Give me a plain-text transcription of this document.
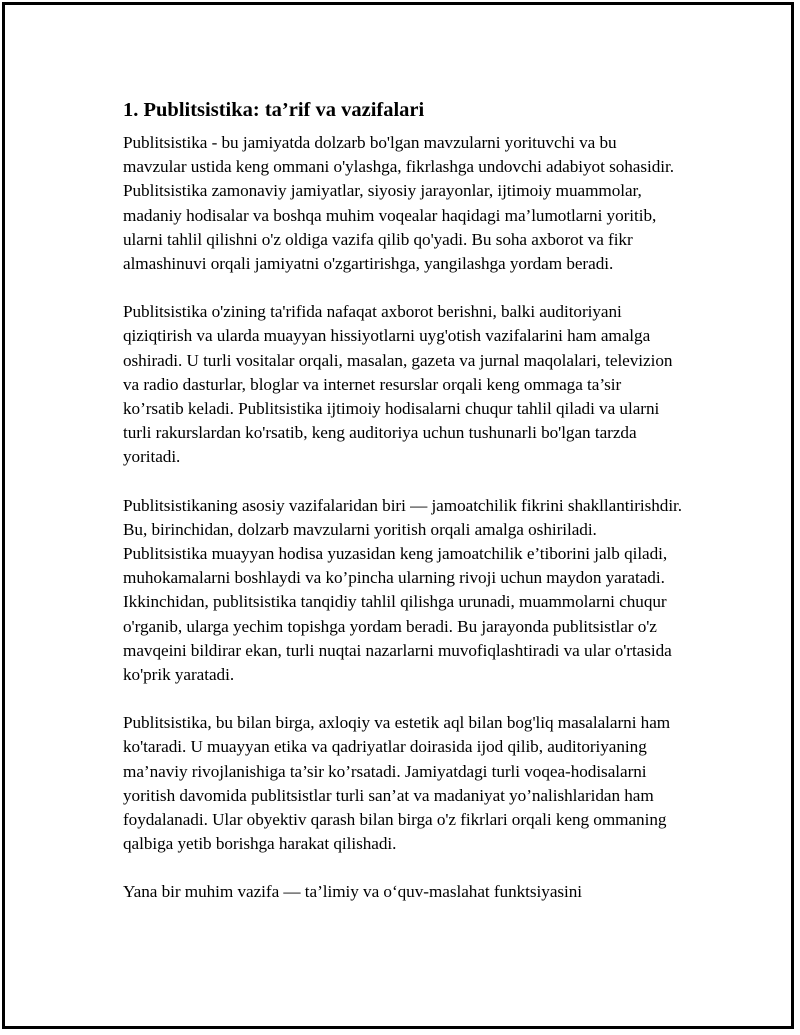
1. Publitsistika: ta’rif va vazifalari

Publitsistika - bu jamiyatda dolzarb bo'lgan mavzularni yorituvchi va bu mavzular ustida keng ommani o'ylashga, fikrlashga undovchi adabiyot sohasidir. Publitsistika zamonaviy jamiyatlar, siyosiy jarayonlar, ijtimoiy muammolar, madaniy hodisalar va boshqa muhim voqealar haqidagi ma’lumotlarni yoritib, ularni tahlil qilishni o'z oldiga vazifa qilib qo'yadi. Bu soha axborot va fikr almashinuvi orqali jamiyatni o'zgartirishga, yangilashga yordam beradi.

Publitsistika o'zining ta'rifida nafaqat axborot berishni, balki auditoriyani qiziqtirish va ularda muayyan hissiyotlarni uyg'otish vazifalarini ham amalga oshiradi. U turli vositalar orqali, masalan, gazeta va jurnal maqolalari, televizion va radio dasturlar, bloglar va internet resurslar orqali keng ommaga ta’sir ko’rsatib keladi. Publitsistika ijtimoiy hodisalarni chuqur tahlil qiladi va ularni turli rakurslardan ko'rsatib, keng auditoriya uchun tushunarli bo'lgan tarzda yoritadi.

Publitsistikaning asosiy vazifalaridan biri — jamoatchilik fikrini shakllantirishdir. Bu, birinchidan, dolzarb mavzularni yoritish orqali amalga oshiriladi. Publitsistika muayyan hodisa yuzasidan keng jamoatchilik e’tiborini jalb qiladi, muhokamalarni boshlaydi va ko’pincha ularning rivoji uchun maydon yaratadi. Ikkinchidan, publitsistika tanqidiy tahlil qilishga urunadi, muammolarni chuqur o'rganib, ularga yechim topishga yordam beradi. Bu jarayonda publitsistlar o'z mavqeini bildirar ekan, turli nuqtai nazarlarni muvofiqlashtiradi va ular o'rtasida ko'prik yaratadi.

Publitsistika, bu bilan birga, axloqiy va estetik aql bilan bog'liq masalalarni ham ko'taradi. U muayyan etika va qadriyatlar doirasida ijod qilib, auditoriyaning ma’naviy rivojlanishiga ta’sir ko’rsatadi. Jamiyatdagi turli voqea-hodisalarni yoritish davomida publitsistlar turli san’at va madaniyat yo’nalishlaridan ham foydalanadi. Ular obyektiv qarash bilan birga o'z fikrlari orqali keng ommaning qalbiga yetib borishga harakat qilishadi.

Yana bir muhim vazifa — ta’limiy va o‘quv-maslahat funktsiyasini
